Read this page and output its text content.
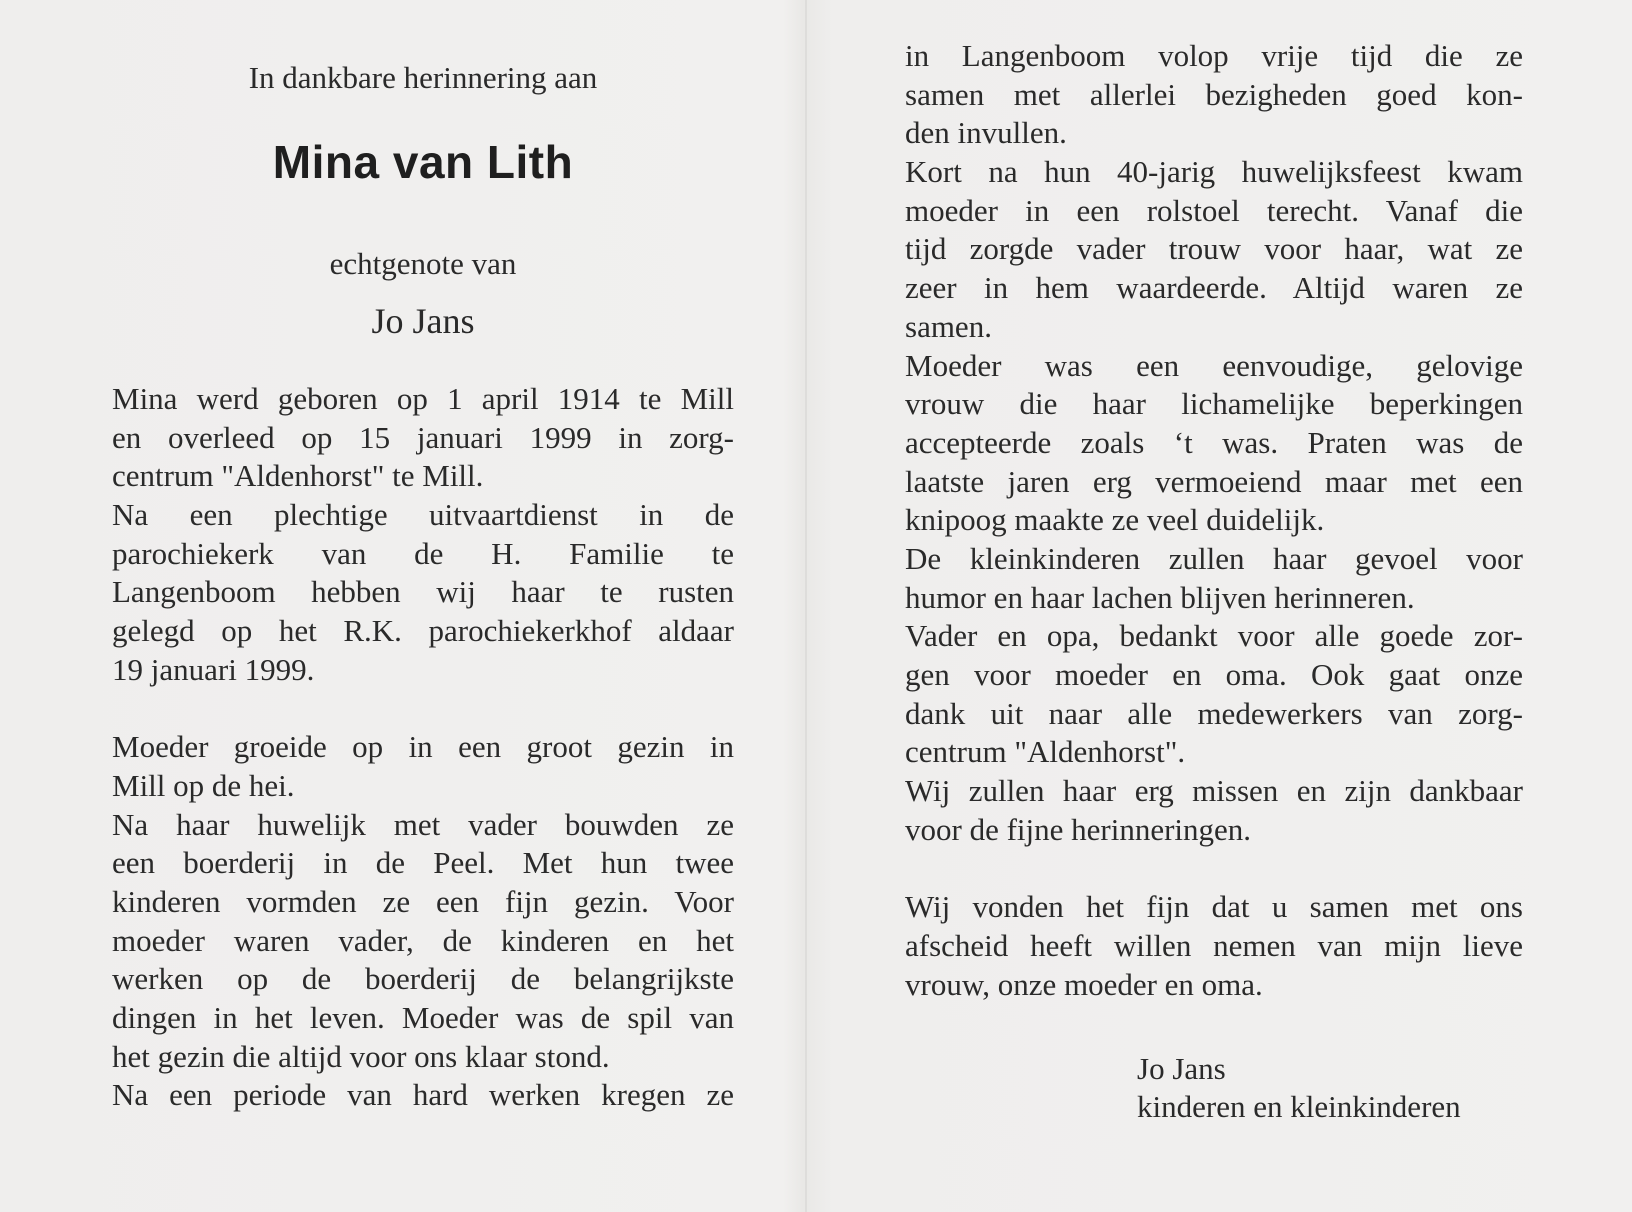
In dankbare herinnering aan
Mina van Lith
echtgenote van
Jo Jans
Mina werd geboren op 1 april 1914 te Mill
en overleed op 15 januari 1999 in zorg-
centrum "Aldenhorst" te Mill.
Na een plechtige uitvaartdienst in de
parochiekerk van de H. Familie te
Langenboom hebben wij haar te rusten
gelegd op het R.K. parochiekerkhof aldaar
19 januari 1999.
Moeder groeide op in een groot gezin in
Mill op de hei.
Na haar huwelijk met vader bouwden ze
een boerderij in de Peel. Met hun twee
kinderen vormden ze een fijn gezin. Voor
moeder waren vader, de kinderen en het
werken op de boerderij de belangrijkste
dingen in het leven. Moeder was de spil van
het gezin die altijd voor ons klaar stond.
Na een periode van hard werken kregen ze
in Langenboom volop vrije tijd die ze
samen met allerlei bezigheden goed kon-
den invullen.
Kort na hun 40-jarig huwelijksfeest kwam
moeder in een rolstoel terecht. Vanaf die
tijd zorgde vader trouw voor haar, wat ze
zeer in hem waardeerde. Altijd waren ze
samen.
Moeder was een eenvoudige, gelovige
vrouw die haar lichamelijke beperkingen
accepteerde zoals ‘t was. Praten was de
laatste jaren erg vermoeiend maar met een
knipoog maakte ze veel duidelijk.
De kleinkinderen zullen haar gevoel voor
humor en haar lachen blijven herinneren.
Vader en opa, bedankt voor alle goede zor-
gen voor moeder en oma. Ook gaat onze
dank uit naar alle medewerkers van zorg-
centrum "Aldenhorst".
Wij zullen haar erg missen en zijn dankbaar
voor de fijne herinneringen.
Wij vonden het fijn dat u samen met ons
afscheid heeft willen nemen van mijn lieve
vrouw, onze moeder en oma.
Jo Jans
kinderen en kleinkinderen
